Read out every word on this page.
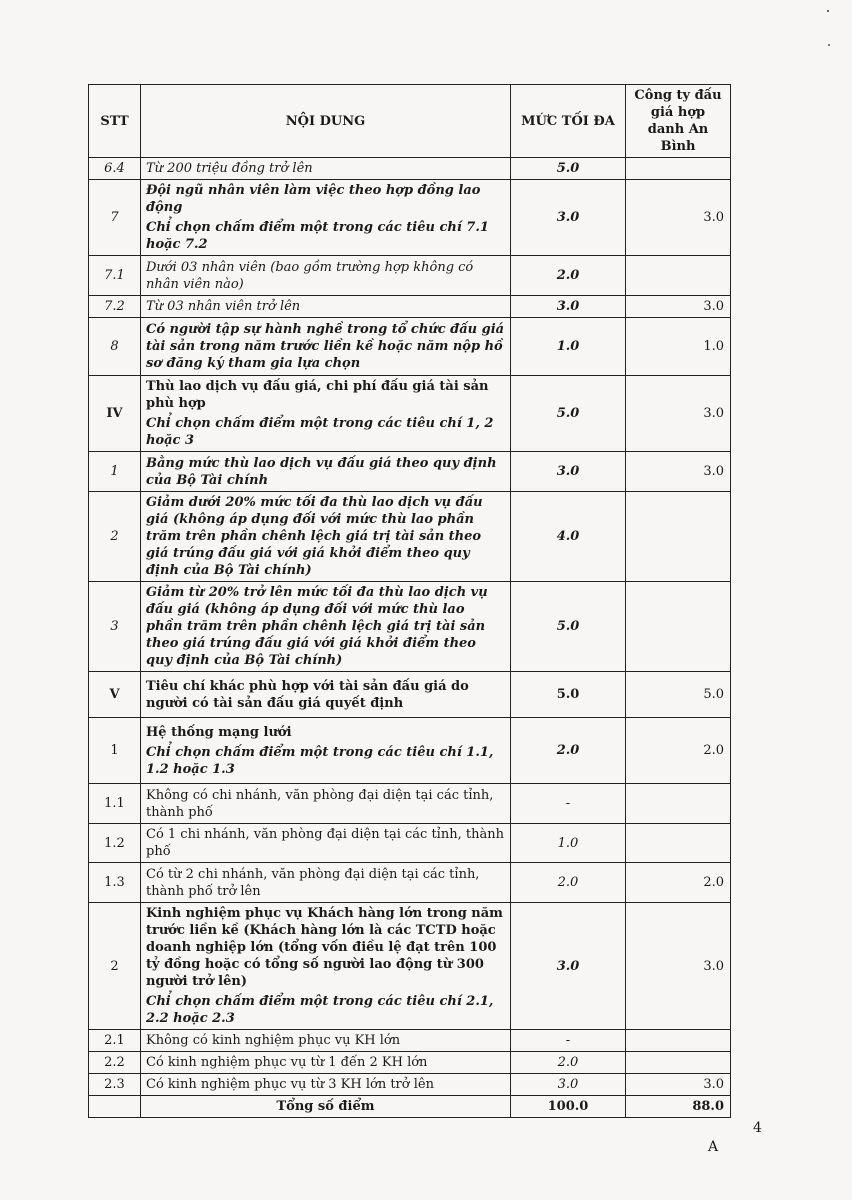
STT	NỘI DUNG	MỨC TỐI ĐA	Công ty đấu giá hợp danh An Bình
6.4	Từ 200 triệu đồng trở lên	5.0	
7	Đội ngũ nhân viên làm việc theo hợp đồng lao động
Chỉ chọn chấm điểm một trong các tiêu chí 7.1 hoặc 7.2	3.0	3.0
7.1	Dưới 03 nhân viên (bao gồm trường hợp không có nhân viên nào)	2.0	
7.2	Từ 03 nhân viên trở lên	3.0	3.0
8	Có người tập sự hành nghề trong tổ chức đấu giá tài sản trong năm trước liền kề hoặc năm nộp hồ sơ đăng ký tham gia lựa chọn	1.0	1.0
IV	Thù lao dịch vụ đấu giá, chi phí đấu giá tài sản phù hợp
Chỉ chọn chấm điểm một trong các tiêu chí 1, 2 hoặc 3	5.0	3.0
1	Bằng mức thù lao dịch vụ đấu giá theo quy định của Bộ Tài chính	3.0	3.0
2	Giảm dưới 20% mức tối đa thù lao dịch vụ đấu giá (không áp dụng đối với mức thù lao phần trăm trên phần chênh lệch giá trị tài sản theo giá trúng đấu giá với giá khởi điểm theo quy định của Bộ Tài chính)	4.0	
3	Giảm từ 20% trở lên mức tối đa thù lao dịch vụ đấu giá (không áp dụng đối với mức thù lao phần trăm trên phần chênh lệch giá trị tài sản theo giá trúng đấu giá với giá khởi điểm theo quy định của Bộ Tài chính)	5.0	
V	Tiêu chí khác phù hợp với tài sản đấu giá do người có tài sản đấu giá quyết định	5.0	5.0
1	Hệ thống mạng lưới
Chỉ chọn chấm điểm một trong các tiêu chí 1.1, 1.2 hoặc 1.3	2.0	2.0
1.1	Không có chi nhánh, văn phòng đại diện tại các tỉnh, thành phố	-	
1.2	Có 1 chi nhánh, văn phòng đại diện tại các tỉnh, thành phố	1.0	
1.3	Có từ 2 chi nhánh, văn phòng đại diện tại các tỉnh, thành phố trở lên	2.0	2.0
2	Kinh nghiệm phục vụ Khách hàng lớn trong năm trước liền kề (Khách hàng lớn là các TCTD hoặc doanh nghiệp lớn (tổng vốn điều lệ đạt trên 100 tỷ đồng hoặc có tổng số người lao động từ 300 người trở lên)
Chỉ chọn chấm điểm một trong các tiêu chí 2.1, 2.2 hoặc 2.3	3.0	3.0
2.1	Không có kinh nghiệm phục vụ KH lớn	-	
2.2	Có kinh nghiệm phục vụ từ 1 đến 2 KH lớn	2.0	
2.3	Có kinh nghiệm phục vụ từ 3 KH lớn trở lên	3.0	3.0
	Tổng số điểm	100.0	88.0
4
A
